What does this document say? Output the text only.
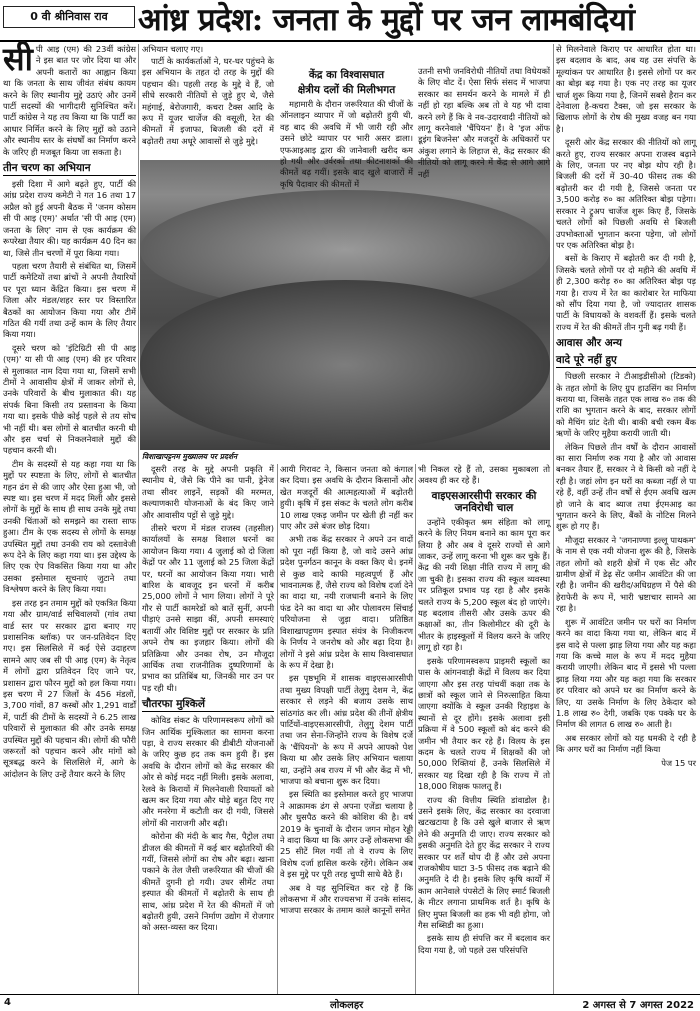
0 वी श्रीनिवास राव आंध्र प्रदेश: जनता के मुद्दों पर जन लामबंदियां

सीपी आइ (एम) की 23वीं कांग्रेस ने इस बात पर जोर दिया था और अपनी कतारों का आह्वान किया था कि जनता के साथ जीवंत संबंध कायम करने के लिए स्थानीय मुद्दे उठाएं और उनमें पार्टी सदस्यों की भागीदारी सुनिश्चित करें। पार्टी कांग्रेस ने यह तय किया था कि पार्टी का आधार निर्मित करने के लिए मुद्दों को उठाने और स्थानीय स्तर के संघर्षों का निर्माण करने के जरिए ही मजबूत किया जा सकता है।

तीन चरण का अभियान

इसी दिशा में आगे बढ़ते हुए, पार्टी की आंध्र प्रदेश राज्य कमेटी ने गत 16 तथा 17 अप्रैल को हुई अपनी बैठक में 'जनम कोसम सी पी आइ (एम)' अर्थात 'सी पी आइ (एम) जनता के लिए' नाम से एक कार्यक्रम की रूपरेखा तैयार की। यह कार्यक्रम 40 दिन का था, जिसे तीन चरणों में पूरा किया गया।

पहला चरण तैयारी से संबंधित था, जिसमें पार्टी कमेटियों तथा ब्रांचों ने अपनी तैयारियों पर पूरा ध्यान केंद्रित किया। इस चरण में जिला और मंडल/शहर स्तर पर विस्तारित बैठकों का आयोजन किया गया और टीमें गठित की गयीं तथा उन्हें काम के लिए तैयार किया गया।

दूसरे चरण को 'इंटिग्रिटी सी पी आइ (एम)' या सी पी आइ (एम) की हर परिवार से मुलाकात नाम दिया गया था, जिसमें सभी टीमों ने आवासीय क्षेत्रों में जाकर लोगों से, उनके परिवारों के बीच मुलाकात की। यह संपर्क बिना किसी तय प्रस्तावना के किया गया था। इसके पीछे कोई पहले से तय सोच भी नहीं थी। बस लोगों से बातचीत करनी थी और इस चर्चा से निकलनेवाले मुद्दों की पहचान करनी थी।

टीम के सदस्यों से यह कहा गया था कि मुद्दों पर स्पष्टता के लिए, लोगों से बातचीत गहन ढंग से की जाए और ऐसा हुआ भी, जो स्पष्ट था। इस चरण में मदद मिली और इससे लोगों के मुद्दों के साथ ही साथ उनके मुद्दे तथा उनकी चिंताओं को समझने का रास्ता साफ हुआ। टीम के एक सदस्य से लोगों के समक्ष उपस्थित मुद्दों तथा उनकी राय को दस्तावेजी रूप देने के लिए कहा गया था। इस उद्देश्य के लिए एक ऐप विकसित किया गया था और उसका इस्तेमाल सूचनाएं जुटाने तथा विश्लेषण करने के लिए किया गया।

इस तरह इन तमाम मुद्दों को एकत्रित किया गया और ग्राम/वार्ड सचिवालयों (गांव तथा वार्ड स्तर पर सरकार द्वारा बनाए गए प्रशासनिक ब्लॉक) पर जन-प्रतिवेदन दिए गए। इस सिलसिले में कई ऐसे उदाहरण सामने आए जब सी पी आइ (एम) के नेतृत्व में लोगों द्वारा प्रतिवेदन दिए जाने पर, प्रशासन द्वारा फौरन मुद्दों को हल किया गया। इस चरण में 27 जिलों के 456 मंडलों, 3,700 गांवों, 87 कस्बों और 1,291 वार्डों में, पार्टी की टीमों के सदस्यों ने 6.25 लाख परिवारों से मुलाकात की और उनके समक्ष उपस्थित मुद्दों की पहचान की। लोगों की फौरी जरूरतों को पहचान करने और मांगों को सूत्रबद्ध करने के सिलसिले में, आगे के आंदोलन के लिए उन्हें तैयार करने के लिए

अभियान चलाए गए।

विशाखापट्टनम मुख्यालय पर प्रदर्शन

पार्टी के कार्यकर्ताओं ने, घर-घर पहुंचने के इस अभियान के तहत दो तरह के मुद्दों की पहचान की। पहली तरह के मुद्दे वे हैं, जो सीधे सरकारी नीतियों से जुड़े हुए थे, जैसे महंगाई, बेरोजगारी, कचरा टैक्स आदि के रूप में यूजर चार्जेज की वसूली, रेत की कीमतों में इजाफा, बिजली की दरों में बढ़ोतरी तथा अधूरे आवासों से जुड़े मुद्दे।

केंद्र का विश्वासघात
क्षेत्रीय दलों की मिलीभगत

महामारी के दौरान जरूरियात की चीजों के ऑनलाइन व्यापार में जो बढ़ोतरी हुयी थी, वह बाद की अवधि में भी जारी रही और उसने छोटे व्यापार पर भारी असर डाला। एफआइआइ द्वारा की जानेवाली खरीद कम हो गयी और उर्वरकों तथा कीटनाशकों की कीमतें बढ़ गयीं। इसके बाद खुले बाजारों में कृषि पैदावार की कीमतों में

उतनी सभी जनविरोधी नीतियों तथा विधेयकों के लिए वोट दें। ऐसा सिर्फ संसद में भाजपा सरकार का समर्थन करने के मामले में ही नहीं हो रहा बल्कि अब तो वे यह भी दावा करने लगे हैं कि वे नव-उदारवादी नीतियों को लागू करनेवाले 'चैंपियन' हैं। वे 'इज ऑफ डूइंग बिजनेस' और मजदूरों के अधिकारों पर अंकुश लगाने के लिहाज से, केंद्र सरकार की नीतियों को लागू करने में केंद्र से आगे आगे नहीं

से मिलनेवाले किराए पर आधारित होता था। इस बदलाव के बाद, अब यह उस संपत्ति के मूल्यांकन पर आधारित है। इससे लोगों पर कर का बोझ बढ़ गया है। एक नए तरह का यूजर चार्ज शुरू किया गया है, जिनमें सबसे हैरान कर देनेवाला है-कचरा टैक्स, जो इस सरकार के खिलाफ लोगों के रोष की मुख्य वजह बन गया है।

दूसरी ओर केंद्र सरकार की नीतियों को लागू करते हुए, राज्य सरकार अपना राजस्व बढ़ाने के लिए, जनता पर नए बोझ थोप रही है। बिजली की दरों में 30-40 फीसद तक की बढ़ोतरी कर दी गयी है, जिससे जनता पर 3,500 करोड़ रु० का अतिरिक्त बोझ पड़ेगा। सरकार ने ट्रूअप चार्जेज शुरू किए हैं, जिसके चलते लोगों को पिछली अवधि से बिजली उपभोक्ताओं भुगतान करना पड़ेगा, जो लोगों पर एक अतिरिक्त बोझ है।

बसों के किराए में बढ़ोतरी कर दी गयी है, जिसके चलते लोगों पर दो महीने की अवधि में ही 2,300 करोड़ रु० का अतिरिक्त बोझ पड़ गया है। राज्य में रेत का कारोबार रेत माफिया को सौंप दिया गया है, जो ज्यादातर शासक पार्टी के विधायकों के वशवर्ती हैं। इसके चलते राज्य में रेत की कीमतें तीन गुनी बढ़ गयी हैं।

आवास और अन्य
वादे पूरे नहीं हुए

पिछली सरकार ने टीआइडीसीओ (टिडको) के तहत लोगों के लिए ग्रुप हाउसिंग का निर्माण कराया था, जिसके तहत एक लाख रु० तक की राशि का भुगतान करने के बाद, सरकार लोगों को मैचिंग ग्रांट देती थी। बाकी बची रकम बैंक ऋणों के जरिए मुहैया करायी जाती थी।

लेकिन पिछले तीन वर्षों के दौरान आवासों का सारा निर्माण रुक गया है और जो आवास बनकर तैयार हैं, सरकार ने वे किसी को नहीं दे रही है। जहां लोग इन घरों का कब्जा नहीं ले पा रहे हैं, वहीं उन्हें तीन वर्षों से ईएम अवधि खत्म हो जाने के बाद ब्याज तथा ईएमआइ का भुगतान करने के लिए, बैंकों के नोटिस मिलने शुरू हो गए हैं।

मौजूदा सरकार ने 'जगनाण्णा इल्लू पाथकम' के नाम से एक नयी योजना शुरू की है, जिसके तहत लोगों को शहरी क्षेत्रों में एक सेंट और ग्रामीण क्षेत्रों में डेढ़ सेंट जमीन आवंटित की जा रही है। जमीन की खरीद/अधिग्रहण में पैसे की हेराफेरी के रूप में, भारी भ्रष्टाचार सामने आ रहा है।

शुरू में आवंटित जमीन पर घरों का निर्माण करने का वादा किया गया था, लेकिन बाद में इस वादे से पल्ला झाड़ लिया गया और यह कहा गया कि कच्चे माल के रूप में मदद मुहैया करायी जाएगी। लेकिन बाद में इससे भी पल्ला झाड़ लिया गया और यह कहा गया कि सरकार हर परिवार को अपने घर का निर्माण करने के लिए, या उसके निर्माण के लिए ठेकेदार को 1.8 लाख रु० देगी, जबकि एक पक्के घर के निर्माण की लागत 6 लाख रु० आती है।

अब सरकार लोगों को यह धमकी दे रही है कि अगर घरों का निर्माण नहीं किया

पेज 15 पर

दूसरी तरह के मुद्दे अपनी प्रकृति में स्थानीय थे, जैसे कि पीने का पानी, ड्रेनेज तथा सीवर लाइनें, सड़कों की मरम्मत, कल्याणकारी योजनाओं के बंद किए जाने और आवासीय पट्टों से जुड़े मुद्दे।

तीसरे चरण में मंडल राजस्व (तहसील) कार्यालयों के समक्ष विशाल धरनों का आयोजन किया गया। 4 जुलाई को दो जिला केंद्रों पर और 11 जुलाई को 25 जिला केंद्रों पर, धरनों का आयोजन किया गया। भारी बारिश के बावजूद इन धरनों में करीब 25,000 लोगों ने भाग लिया। लोगों ने पूरे गौर से पार्टी कामरेडों को बातें सुनीं, अपनी पीड़ाएं उनसे साझा कीं, अपनी समस्याएं बतायीं और विशिष्ट मुद्दों पर सरकार के प्रति अपने रोष का इजहार किया। लोगों की प्रतिक्रिया और उनका रोष, उन मौजूदा आर्थिक तथा राजनीतिक दुष्परिणामों के प्रभाव का प्रतिबिंब था, जिनकी मार उन पर पड़ रही थी।

चौतरफा मुश्किलें

कोविड संकट के परिणामस्वरूप लोगों को जिन आर्थिक मुश्किलात का सामना करना पड़ा, वे राज्य सरकार की डीबीटी योजनाओं के जरिए कुछ हद तक कम हुयी हैं। इस अवधि के दौरान लोगों को केंद्र सरकार की ओर से कोई मदद नहीं मिली। इसके अलावा, रेलवे के किरायों में मिलनेवाली रियायतों को खत्म कर दिया गया और थोड़े बहुत दिए गए और मनरेगा में कटौती कर दी गयी, जिससे लोगों की नाराजगी और बढ़ी।

कोरोना की मंदी के बाद गैस, पैट्रोल तथा डीजल की कीमतों में कई बार बढ़ोतरियों की गयीं, जिससे लोगों का रोष और बढ़ा। खाना पकाने के तेल जैसी जरूरियात की चीजों की कीमतें दुगनी हो गयी। उधर सीमेंट तथा इस्पात की कीमतों में बढ़ोतरी के साथ ही साथ, आंध्र प्रदेश में रेत की कीमतों में जो बढ़ोतरी हुयी, उसने निर्माण उद्योग में रोजगार को अस्त-व्यस्त कर दिया।

आयी गिरावट ने, किसान जनता को कंगाल कर दिया। इस अवधि के दौरान किसानों और खेत मजदूरों की आत्महत्याओं में बढ़ोतरी हुयी। कृषि में इस संकट के चलते लोग करीब 10 लाख एकड़ जमीन पर खेती ही नहीं कर पाए और उसे बंजर छोड़ दिया।

अभी तक केंद्र सरकार ने अपने उन वादों को पूरा नहीं किया है, जो वादे उसने आंध्र प्रदेश पुनर्गठन कानून के वक्त किए थे। इनमें से कुछ वादे काफी महत्वपूर्ण हैं और भावनात्मक हैं, जैसे राज्य को विशेष दर्जा देने का वादा था, नयी राजधानी बनाने के लिए फंड देने का वादा था और पोलावरम सिंचाई परियोजना से जुड़ा वादा। प्रतिष्ठित विशाखापट्टणम इस्पात संयंत्र के निजीकरण के निर्णय ने जनरोष को और बढ़ा दिया है। लोगों ने इसे आंध्र प्रदेश के साथ विश्वासघात के रूप में देखा है।

इस पृष्ठभूमि में शासक वाइएसआरसीपी तथा मुख्य विपक्षी पार्टी तेलुगु देशम ने, केंद्र सरकार से लड़ने की बजाय उसके साथ सांठगांठ कर ली। आंध्र प्रदेश की तीनों क्षेत्रीय पार्टियों-वाइएसआरसीपी, तेलुगु देशम पार्टी तथा जन सेना-जिन्होंने राज्य के विशेष दर्जे के 'चैंपियनों' के रूप में अपने आपको पेश किया था और उसके लिए अभियान चलाया था, उन्होंने अब राज्य में भी और केंद्र में भी, भाजपा को बचाना शुरू कर दिया।

इस स्थिति का इस्तेमाल करते हुए भाजपा ने आक्रामक ढंग से अपना एजेंडा चलाया है और घुसपैठ करने की कोशिश की है। वर्ष 2019 के चुनावों के दौरान जगन मोहन रेड्डी ने वादा किया था कि अगर उन्हें लोकसभा की 25 सीटें मिल गयीं तो वे राज्य के लिए विशेष दर्जा हासिल करके रहेंगे। लेकिन अब वे इस मुद्दे पर पूरी तरह चुप्पी साधे बैठे हैं।

अब वे यह सुनिश्चित कर रहे हैं कि लोकसभा में और राज्यसभा में उनके सांसद, भाजपा सरकार के तमाम काले कानूनों समेत

भी निकल रहे हैं तो, उसका मुकाबला तो अवश्य ही कर रहे हैं।

वाइएसआरसीपी सरकार की
जनविरोधी चाल

उन्होंने एकीकृत श्रम संहिता को लागू करने के लिए नियम बनाने का काम पूरा कर लिया है और अब वे दूसरे राज्यों से आगे जाकर, उन्हें लागू करना भी शुरू कर चुके हैं। केंद्र की नयी शिक्षा नीति राज्य में लागू की जा चुकी है। इसका राज्य की स्कूल व्यवस्था पर प्रतिकूल प्रभाव पड़ रहा है और इसके चलते राज्य के 5,200 स्कूल बंद हो जाएंगे। यह बदलाव तीसरी और उसके ऊपर की कक्षाओं का, तीन किलोमीटर की दूरी के भीतर के हाइस्कूलों में विलय करने के जरिए लागू हो रहा है।

इसके परिणामस्वरूप प्राइमरी स्कूलों का पास के आंगनवाड़ी केंद्रों में विलय कर दिया जाएगा और इस तरह पांचवीं कक्षा तक के छात्रों को स्कूल जाने से निरुत्साहित किया जाएगा क्योंकि वे स्कूल उनकी रिहाइश के स्थानों से दूर होंगे। इसके अलावा इसी प्रक्रिया में वे 500 स्कूलों को बंद करने की जमीन भी तैयार कर रहे हैं। विलय के इस कदम के चलते राज्य में शिक्षकों की जो 50,000 रिक्तियां हैं, उनके सिलसिले में सरकार यह दिखा रही है कि राज्य में तो 18,000 शिक्षक फालतू हैं।

राज्य की वित्तीय स्थिति डांवाडोल है। उसने इसके लिए, केंद्र सरकार का दरवाजा खटखटाया है कि उसे खुले बाजार से ऋण लेने की अनुमति दी जाए। राज्य सरकार को इसकी अनुमति देते हुए केंद्र सरकार ने राज्य सरकार पर शर्तें थोप दी हैं और उसे अपना राजकोषीय घाटा 3-5 फीसद तक बढ़ाने की अनुमति दे दी है। इसके लिए कृषि कार्यों में काम आनेवाले पंपसेटों के लिए स्मार्ट बिजली के मीटर लगाना प्राथमिक शर्त है। कृषि के लिए मुफ्त बिजली का हक भी वही होगा, जो गैस सब्सिडी का हुआ।

इसके साथ ही संपत्ति कर में बदलाव कर दिया गया है, जो पहले उस परिसंपत्ति

4	लोकलहर	2 अगस्त से 7 अगस्त 2022
